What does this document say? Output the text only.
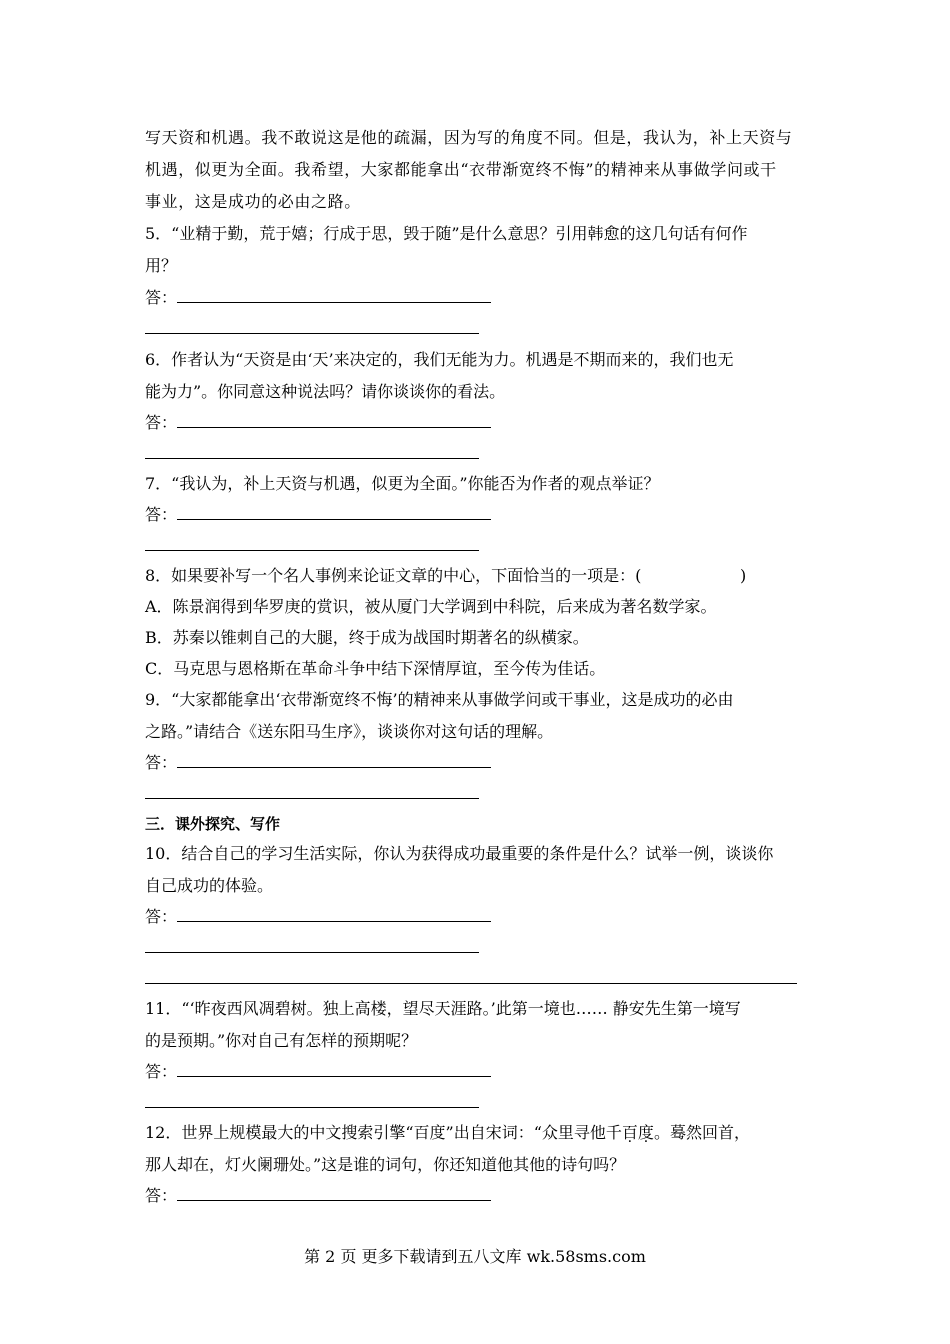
写天资和机遇。我不敢说这是他的疏漏，因为写的角度不同。但是，我认为，补上天资与
机遇，似更为全面。我希望，大家都能拿出“衣带渐宽终不悔”的精神来从事做学问或干
事业，这是成功的必由之路。
5．“业精于勤，荒于嬉；行成于思，毁于随”是什么意思？引用韩愈的这几句话有何作
用？
答：
6．作者认为“天资是由‘天’来决定的，我们无能为力。机遇是不期而来的，我们也无
能为力”。你同意这种说法吗？请你谈谈你的看法。
答：
7．“我认为，补上天资与机遇，似更为全面。”你能否为作者的观点举证？
答：
8．如果要补写一个名人事例来论证文章的中心，下面恰当的一项是：(	)
A．陈景润得到华罗庚的赏识，被从厦门大学调到中科院，后来成为著名数学家。
B．苏秦以锥刺自己的大腿，终于成为战国时期著名的纵横家。
C．马克思与恩格斯在革命斗争中结下深情厚谊，至今传为佳话。
9．“大家都能拿出‘衣带渐宽终不悔’的精神来从事做学问或干事业，这是成功的必由
之路。”请结合《送东阳马生序》，谈谈你对这句话的理解。
答：
三．课外探究、写作
10．结合自己的学习生活实际，你认为获得成功最重要的条件是什么？试举一例，谈谈你
自己成功的体验。
答：
11．“‘昨夜西风凋碧树。独上高楼，望尽天涯路。’此第一境也…… 静安先生第一境写
的是预期。”你对自己有怎样的预期呢？
答：
12．世界上规模最大的中文搜索引擎“百度”出自宋词：“众里寻他千百度。蓦然回首，
那人却在，灯火阑珊处。”这是谁的词句，你还知道他其他的诗句吗？
答：
第 2 页 更多下载请到五八文库 wk.58sms.com
